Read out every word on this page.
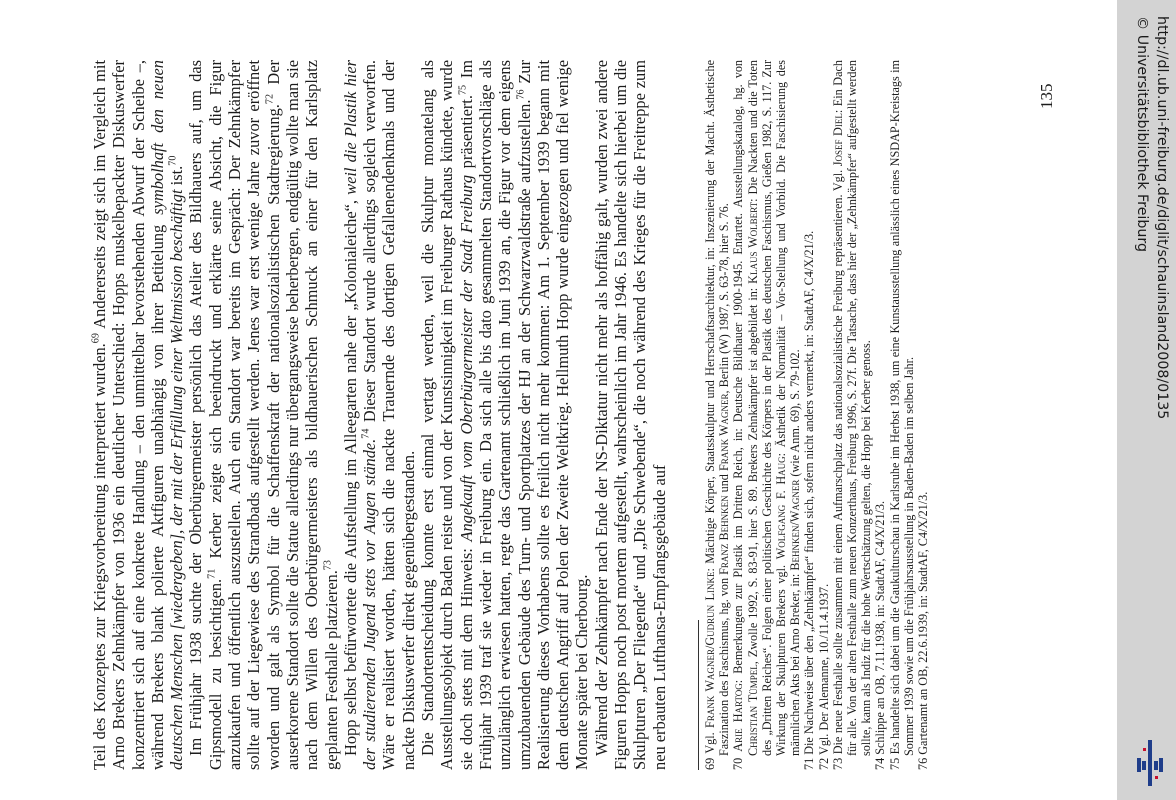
Teil des Konzeptes zur Kriegsvorbereitung interpretiert wurden.$^{69}$ Andererseits zeigt sich im Vergleich mit Arno Brekers Zehnkämpfer von 1936 ein deutlicher Unterschied: Hopps muskelbepackter Diskuswerfer konzentriert sich auf eine konkrete Handlung – den unmittelbar bevorstehenden Abwurf der Scheibe –, während Brekers blank polierte Aktfiguren unabhängig von ihrer Betitelung symbolhaft den neuen deutschen Menschen [wiedergeben], der mit der Erfüllung einer Weltmission beschäftigt ist.$^{70}$ Im Frühjahr 1938 suchte der Oberbürgermeister persönlich das Atelier des Bildhauers auf, um das Gipsmodell zu besichtigen.$^{71}$ Kerber zeigte sich beeindruckt und erklärte seine Absicht, die Figur anzukaufen und öffentlich auszustellen. Auch ein Standort war bereits im Gespräch: Der Zehnkämpfer sollte auf der Liegewiese des Strandbads aufgestellt werden. Jenes war erst wenige Jahre zuvor eröffnet worden und galt als Symbol für die Schaffenskraft der nationalsozialistischen Stadtregierung.$^{72}$ Der auserkorene Standort sollte die Statue allerdings nur übergangsweise beherbergen, endgültig wollte man sie nach dem Willen des Oberbürgermeisters als bildhauerischen Schmuck an einer für den Karlsplatz geplanten Festhalle platzieren.$^{73}$ Hopp selbst befürwortete die Aufstellung im Alleegarten nahe der „Kolonialeiche“, weil die Plastik hier der studierenden Jugend stets vor Augen stände.$^{74}$ Dieser Standort wurde allerdings sogleich verworfen. Wäre er realisiert worden, hätten sich die nackte Trauernde des dortigen Gefallenendenkmals und der nackte Diskuswerfer direkt gegenübergestanden. Die Standortentscheidung konnte erst einmal vertagt werden, weil die Skulptur monatelang als Ausstellungsobjekt durch Baden reiste und von der Kunstsinnigkeit im Freiburger Rathaus kündete, wurde sie doch stets mit dem Hinweis: Angekauft vom Oberbürgermeister der Stadt Freiburg präsentiert.$^{75}$ Im Frühjahr 1939 traf sie wieder in Freiburg ein. Da sich alle bis dato gesammelten Standortvorschläge als unzulänglich erwiesen hatten, regte das Gartenamt schließlich im Juni 1939 an, die Figur vor dem eigens umzubauenden Gebäude des Turn- und Sportplatzes der HJ an der Schwarzwaldstraße aufzustellen.$^{76}$ Zur Realisierung dieses Vorhabens sollte es freilich nicht mehr kommen: Am 1. September 1939 begann mit dem deutschen Angriff auf Polen der Zweite Weltkrieg. Hellmuth Hopp wurde eingezogen und fiel wenige Monate später bei Cherbourg. Während der Zehnkämpfer nach Ende der NS-Diktatur nicht mehr als hoffähig galt, wurden zwei andere Figuren Hopps noch post mortem aufgestellt, wahrscheinlich im Jahr 1946. Es handelte sich hierbei um die Skulpturen „Der Fliegende“ und „Die Schwebende“, die noch während des Krieges für die Freitreppe zum neu erbauten Lufthansa-Empfangsgebäude auf	69 Vgl. Frank Wagner/Gudrun Linke: Mächtige Körper, Staatsskulptur und Herrschaftsarchitektur, in: Inszenierung der Macht. Ästhetische Faszination des Faschismus, hg. von Franz Behnken und Frank Wagner, Berlin (W) 1987, S. 63-78, hier S. 76.

70 Arie Hartog: Bemerkungen zur Plastik im Dritten Reich, in: Deutsche Bildhauer 1900-1945. Entartet. Ausstellungskatalog, hg. von Christian Tümpel, Zwolle 1992, S. 83-91, hier S. 89. Brekers Zehnkämpfer ist abgebildet in: Klaus Wolbert: Die Nackten und die Toten des „Dritten Reiches“. Folgen einer politischen Geschichte des Körpers in der Plastik des deutschen Faschismus, Gießen 1982, S. 117. Zur Wirkung der Skulpturen Brekers vgl. Wolfgang F. Haug: Ästhetik der Normalität – Vor-Stellung und Vorbild. Die Faschisierung des männlichen Akts bei Arno Breker, in: Behnken/Wagner (wie Anm. 69), S. 79-102. 71 Die Nachweise über den „Zehnkämpfer“ finden sich, sofern nicht anders vermerkt, in: StadtAF, C4/X/21/3. 72 Vgl. Der Alemanne, 10./11.4.1937. 73 Die neue Festhalle sollte zusammen mit einem Aufmarschplatz das nationalsozialistische Freiburg repräsentieren. Vgl. Josef Diel: Ein Dach für alle. Von der alten Festhalle zum neuen Konzerthaus, Freiburg 1996, S. 27f. Die Tatsache, dass hier der „Zehnkämpfer“ aufgestellt werden sollte, kann als Indiz für die hohe Wertschätzung gelten, die Hopp bei Kerber genoss. 74 Schlippe an OB, 7.11.1938, in: StadtAF, C4/X/21/3. 75 Es handelte sich dabei um die Gaukulturschau in Karlsruhe im Herbst 1938, um eine Kunstausstellung anlässlich eines NSDAP-Kreistags im Sommer 1939 sowie um die Frühjahrsausstellung in Baden-Baden im selben Jahr. 76 Gartenamt an OB, 22.6.1939, in: StadtAF, C4/X/21/3.

135	http://dl.ub.uni-freiburg.de/diglit/schauinsland2008/0135
© Universitätsbibliothek Freiburg
